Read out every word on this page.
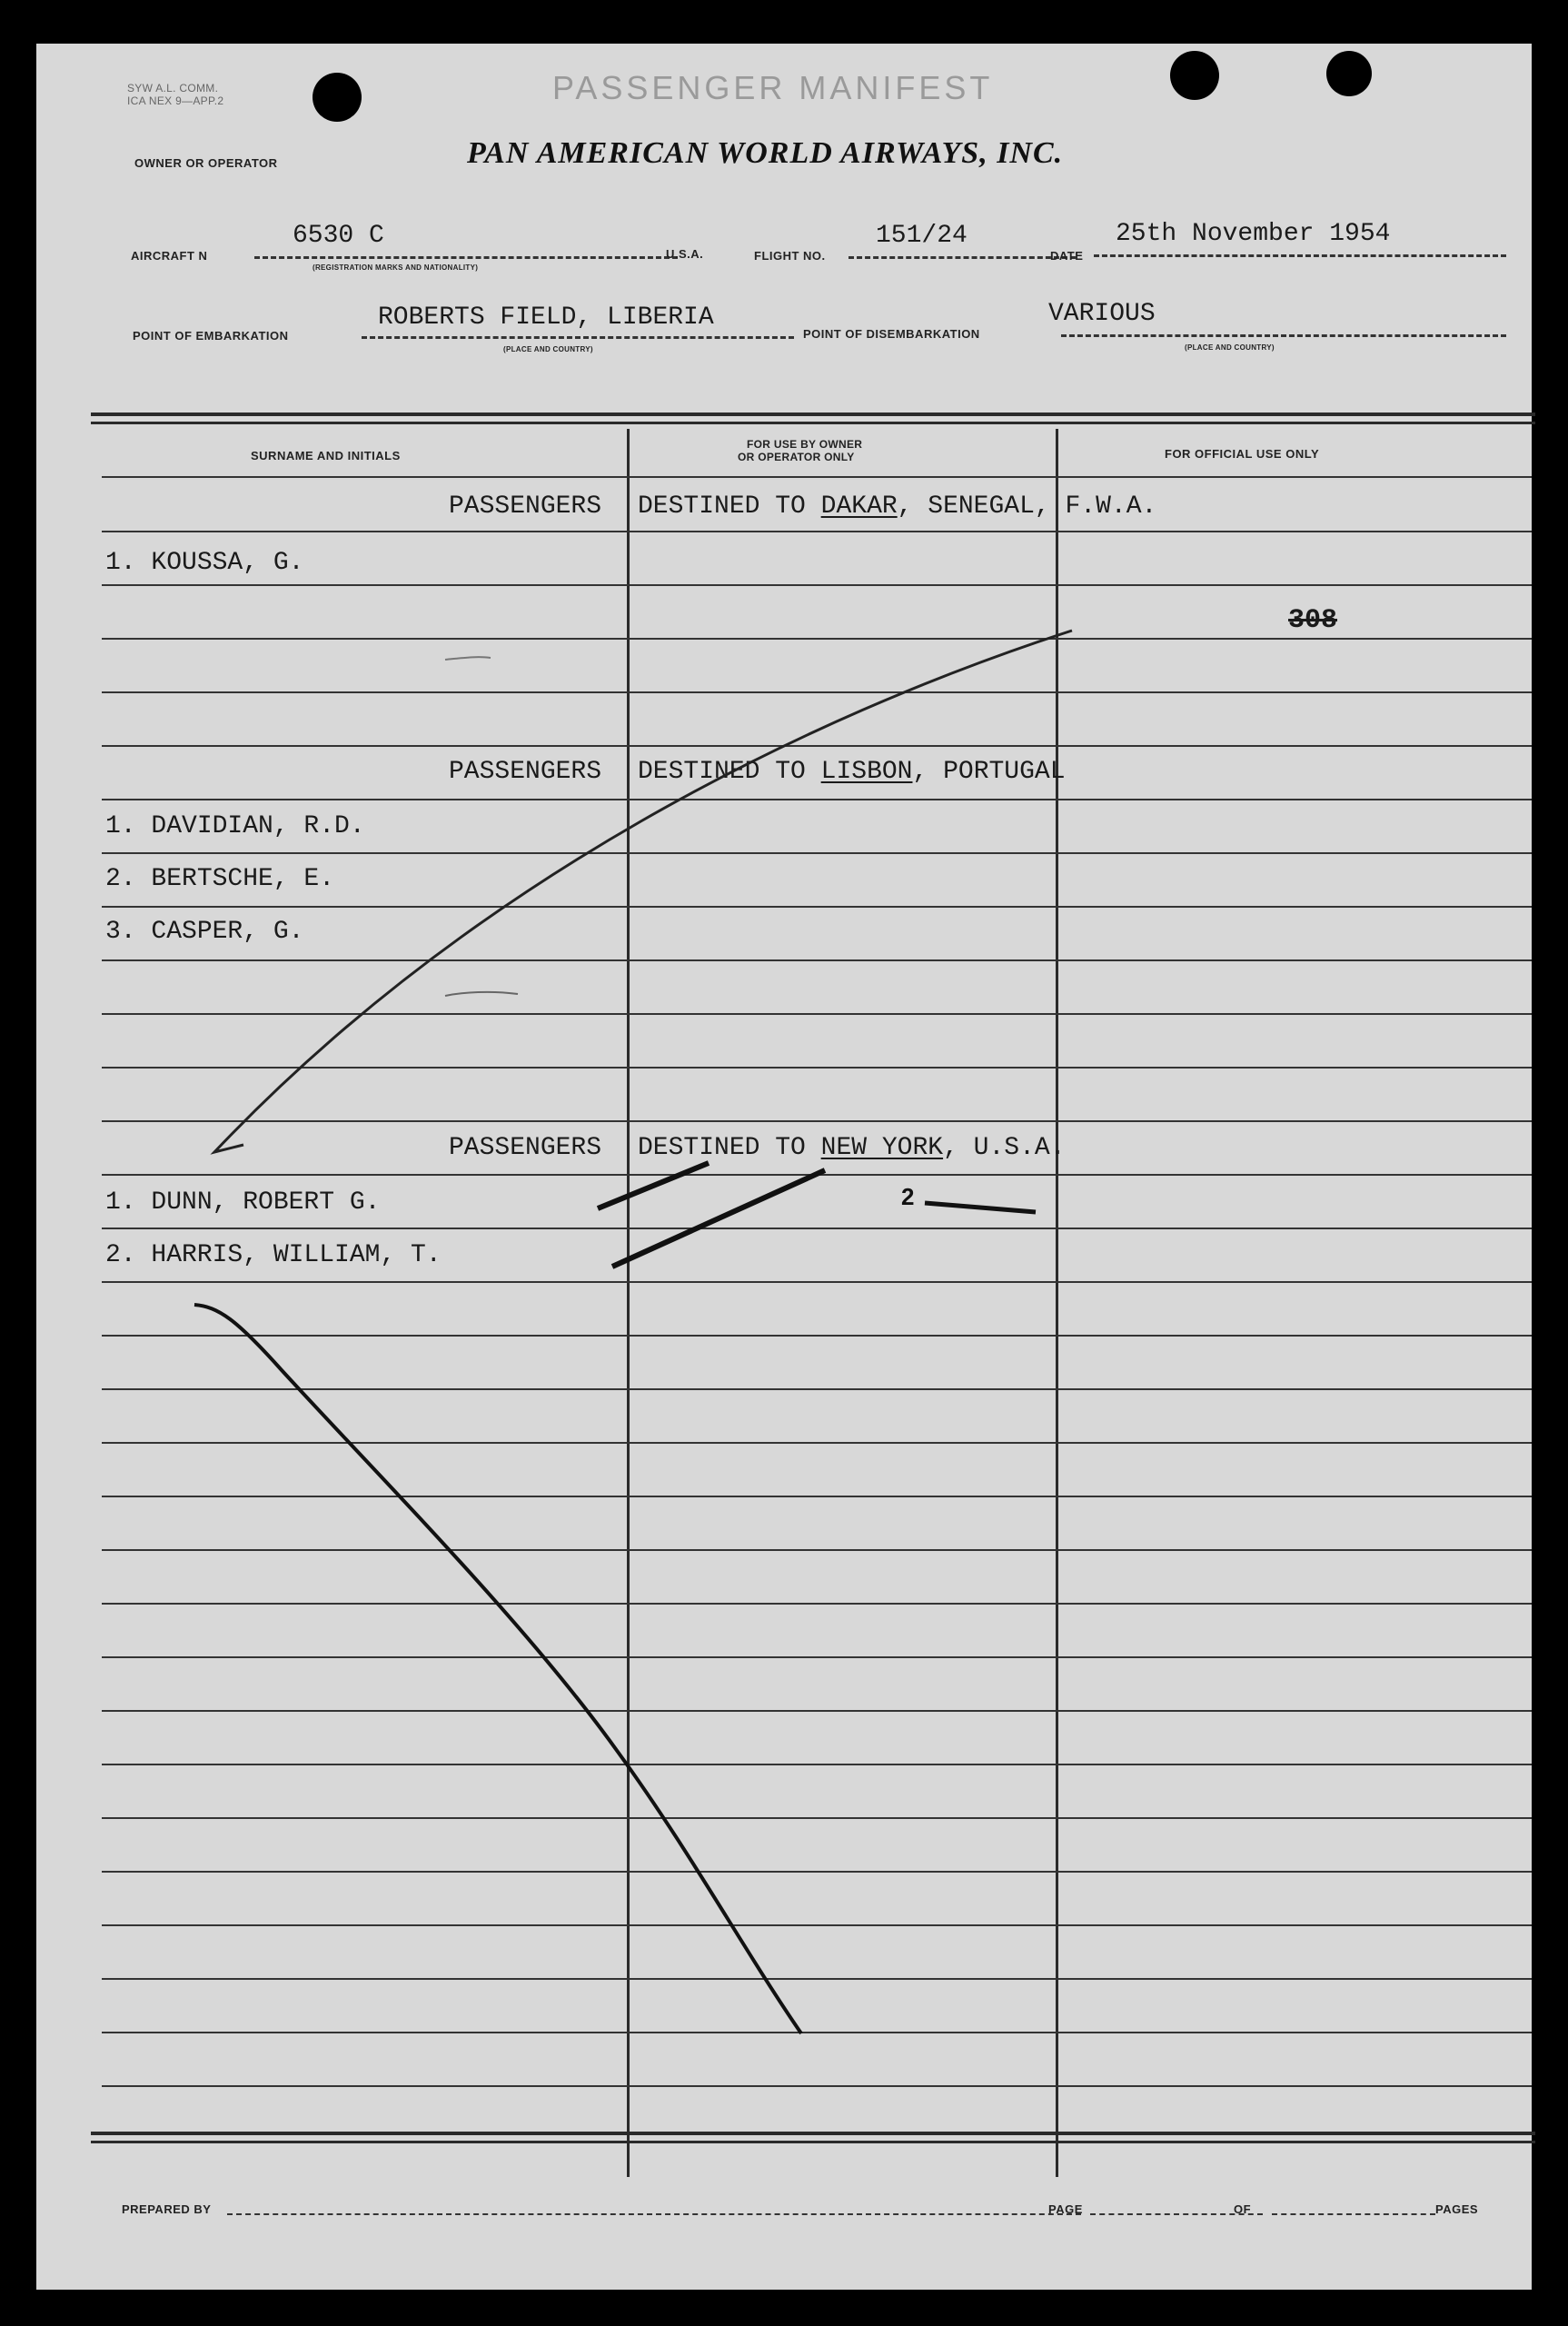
SYW A.L. COMM.
ICA NEX 9—APP.2	PASSENGER MANIFEST
OWNER OR OPERATOR	PAN AMERICAN WORLD AIRWAYS, INC.
AIRCRAFT N
6530 C
(REGISTRATION MARKS AND NATIONALITY)
U.S.A.	FLIGHT NO.
151/24
DATE
25th November 1954
POINT OF EMBARKATION
ROBERTS FIELD, LIBERIA
(PLACE AND COUNTRY)
POINT OF DISEMBARKATION
VARIOUS
(PLACE AND COUNTRY)
SURNAME AND INITIALS
FOR USE BY OWNER
OR OPERATOR ONLY	FOR OFFICIAL USE ONLY
PASSENGERS DESTINED TO DAKAR, SENEGAL, F.W.A.
1. KOUSSA, G.
308
PASSENGERS DESTINED TO LISBON, PORTUGAL
1. DAVIDIAN, R.D.
2. BERTSCHE, E.
3. CASPER, G.
PASSENGERS DESTINED TO NEW YORK, U.S.A.
1. DUNN, ROBERT G.
2. HARRIS, WILLIAM, T.
2
PREPARED BY	PAGE	OF	PAGES
